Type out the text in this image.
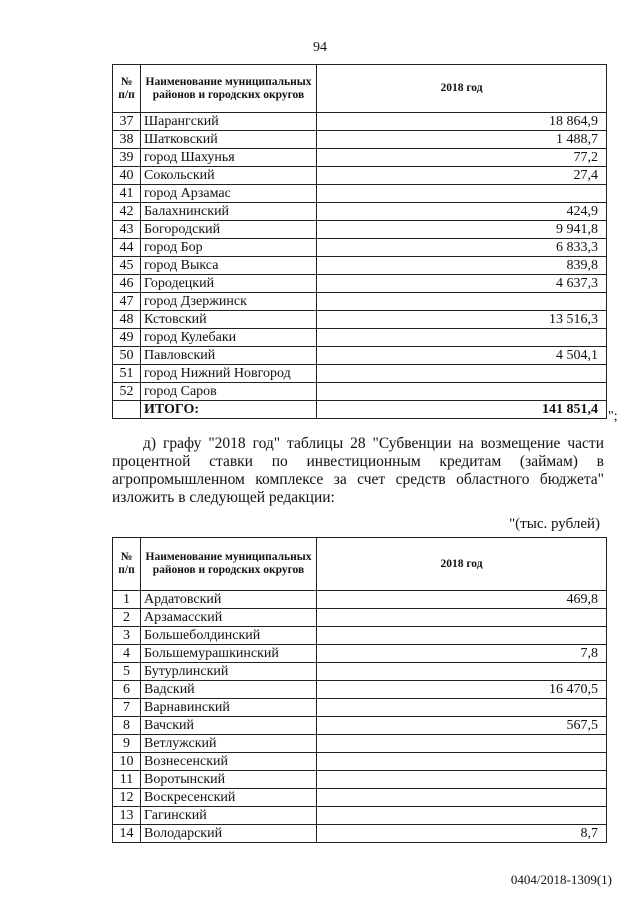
94
№ п/п	Наименование муниципальных районов и городских округов	2018 год
37	Шарангский	18 864,9
38	Шатковский	1 488,7
39	город Шахунья	77,2
40	Сокольский	27,4
41	город Арзамас	
42	Балахнинский	424,9
43	Богородский	9 941,8
44	город Бор	6 833,3
45	город Выкса	839,8
46	Городецкий	4 637,3
47	город Дзержинск	
48	Кстовский	13 516,3
49	город Кулебаки	
50	Павловский	4 504,1
51	город Нижний Новгород	
52	город Саров	
	ИТОГО:	141 851,4 ";

д) графу "2018 год" таблицы 28 "Субвенции на возмещение части процентной ставки по инвестиционным кредитам (займам) в агропромышленном комплексе за счет средств областного бюджета" изложить в следующей редакции:

"(тыс. рублей)
№ п/п	Наименование муниципальных районов и городских округов	2018 год
1	Ардатовский	469,8
2	Арзамасский	
3	Большеболдинский	
4	Большемурашкинский	7,8
5	Бутурлинский	
6	Вадский	16 470,5
7	Варнавинский	
8	Вачский	567,5
9	Ветлужский	
10	Вознесенский	
11	Воротынский	
12	Воскресенский	
13	Гагинский	
14	Володарский	8,7
0404/2018-1309(1)
